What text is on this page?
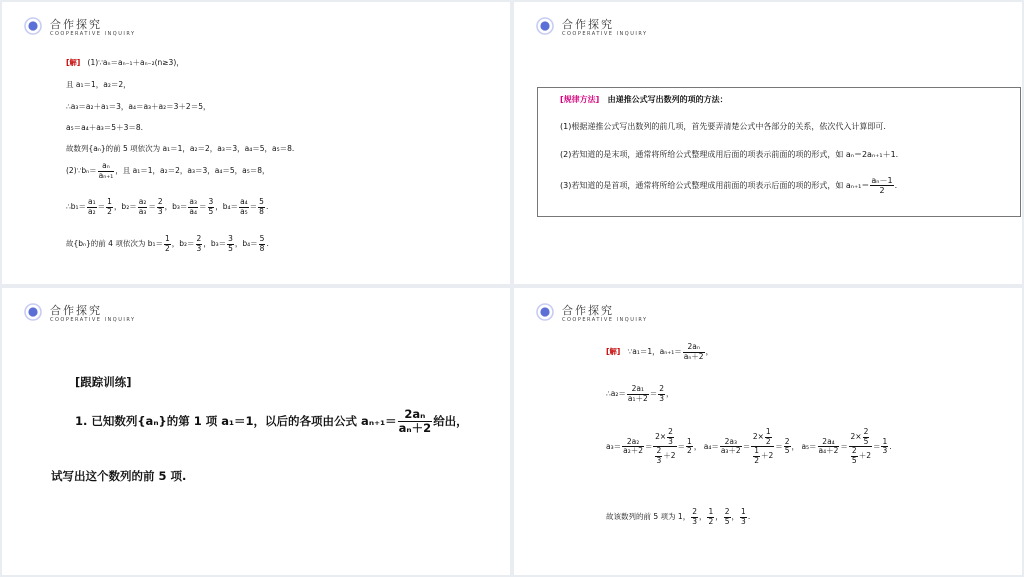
合作探究
COOPERATIVE INQUIRY
[解] (1)∵aₙ＝aₙ₋₁＋aₙ₋₂(n≥3)，
且 a₁＝1，a₂＝2，
∴a₃＝a₂＋a₁＝3，a₄＝a₃＋a₂＝3＋2＝5，
a₅＝a₄＋a₃＝5＋3＝8.
故数列{aₙ}的前 5 项依次为 a₁＝1，a₂＝2，a₃＝3，a₄＝5，a₅＝8.
(2)∵bₙ＝ $\frac{\text{aₙ}}{\text{aₙ₊₁}}$ ，且 a₁＝1，a₂＝2，a₃＝3，a₄＝5，a₅＝8，
∴b₁＝ $\frac{\text{a₁}}{\text{a₂}} = \frac{1}{2}$ ，$b_2= \frac{\text{a₂}}{\text{a₃}} = \frac{2}{3}$ ，$b_3= \frac{\text{a₃}}{\text{a₄}} = \frac{3}{5}$ ，$b_4= \frac{\text{a₄}}{\text{a₅}} = \frac{5}{8}$ .
故{bₙ}的前 4 项依次为 $b_1= \frac{1}{2}$ ，$b_2= \frac{2}{3}$ ，$b_3= \frac{3}{5}$ ，$b_4= \frac{5}{8}$ .
合作探究
COOPERATIVE INQUIRY
[规律方法] 由递推公式写出数列的项的方法：
(1)根据递推公式写出数列的前几项，首先要弄清楚公式中各部分的关系，依次代入计算即可.
(2)若知道的是末项，通常将所给公式整理成用后面的项表示前面的项的形式，如 aₙ＝2aₙ₊₁＋1.
(3)若知道的是首项，通常将所给公式整理成用前面的项表示后面的项的形式，如 $a_{n+1}= \frac{\text{aₙ－1}}{2}$ .
合作探究
COOPERATIVE INQUIRY
[跟踪训练]
1. 已知数列{aₙ}的第 1 项 a₁＝1，以后的各项由公式 $a_{n+1}= \frac{\text{2aₙ}}{\text{aₙ＋2}}$ 给出，
试写出这个数列的前 5 项.
合作探究
COOPERATIVE INQUIRY
[解] ∵a₁＝1，$a_{n+1}= \frac{\text{2aₙ}}{\text{aₙ＋2}}$ ，
∴a₂＝ $\frac{\text{2a₁}}{\text{a₁＋2}} = \frac{2}{3}$ ，
$a_3= \frac{\text{2a₂}}{\text{a₂＋2}} = \frac{2\times \frac{2}{3}}{\frac{2}{3} +2} = \frac{1}{2}$ ， $a_4= \frac{\text{2a₃}}{\text{a₃＋2}} = \frac{2\times \frac{1}{2}}{\frac{1}{2} +2} = \frac{2}{5}$ ， $a_5= \frac{\text{2a₄}}{\text{a₄＋2}} = \frac{2\times \frac{2}{5}}{\frac{2}{5} +2} = \frac{1}{3}$ .
故该数列的前 5 项为 1， $\frac{2}{3}$ ， $\frac{1}{2}$ ， $\frac{2}{5}$ ， $\frac{1}{3}$ .
